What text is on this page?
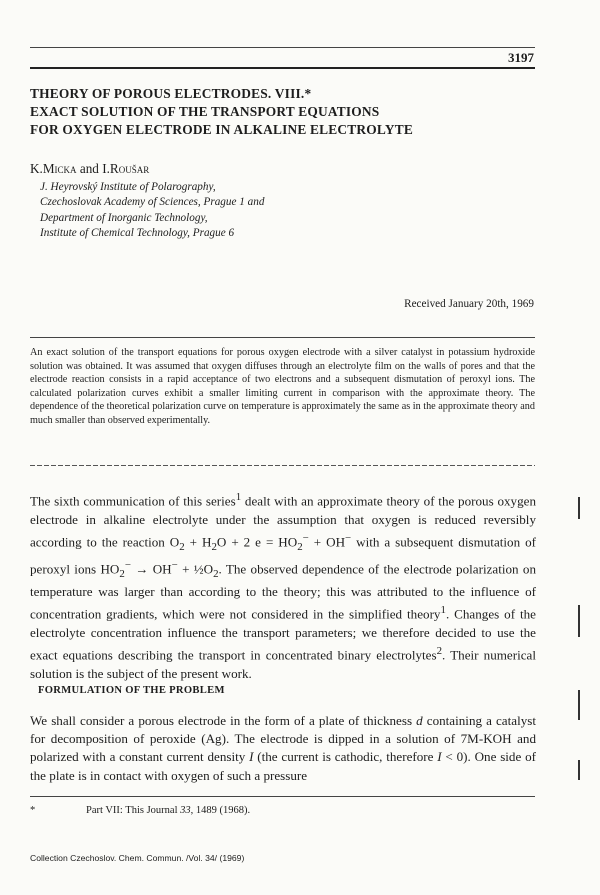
3197
THEORY OF POROUS ELECTRODES. VIII.*
EXACT SOLUTION OF THE TRANSPORT EQUATIONS
FOR OXYGEN ELECTRODE IN ALKALINE ELECTROLYTE
K.Micka and I.Roušar
J. Heyrovský Institute of Polarography,
Czechoslovak Academy of Sciences, Prague 1 and
Department of Inorganic Technology,
Institute of Chemical Technology, Prague 6
Received January 20th, 1969
An exact solution of the transport equations for porous oxygen electrode with a silver catalyst in potassium hydroxide solution was obtained. It was assumed that oxygen diffuses through an electrolyte film on the walls of pores and that the electrode reaction consists in a rapid acceptance of two electrons and a subsequent dismutation of peroxyl ions. The calculated polarization curves exhibit a smaller limiting current in comparison with the approximate theory. The dependence of the theoretical polarization curve on temperature is approximately the same as in the approximate theory and much smaller than observed experimentally.
The sixth communication of this series$^1$ dealt with an approximate theory of the porous oxygen electrode in alkaline electrolyte under the assumption that oxygen is reduced reversibly according to the reaction $O_2 + H_2O + 2$ $e = HO_2^- + OH^-$ with a subsequent dismutation of peroxyl ions $HO_2^- \to OH^-$ + $\frac{1}{2}O_2$. The observed dependence of the electrode polarization on temperature was larger than according to the theory; this was attributed to the influence of concentration gradients, which were not considered in the simplified theory$^1$. Changes of the electrolyte concentration influence the transport parameters; we therefore decided to use the exact equations describing the transport in concentrated binary electrolytes$^2$. Their numerical solution is the subject of the present work.
FORMULATION OF THE PROBLEM
We shall consider a porous electrode in the form of a plate of thickness d containing a catalyst for decomposition of peroxide (Ag). The electrode is dipped in a solution of 7M-KOH and polarized with a constant current density I (the current is cathodic, therefore I < 0). One side of the plate is in contact with oxygen of such a pressure
*	Part VII: This Journal 33, 1489 (1968).
Collection Czechoslov. Chem. Commun. /Vol. 34/ (1969)
